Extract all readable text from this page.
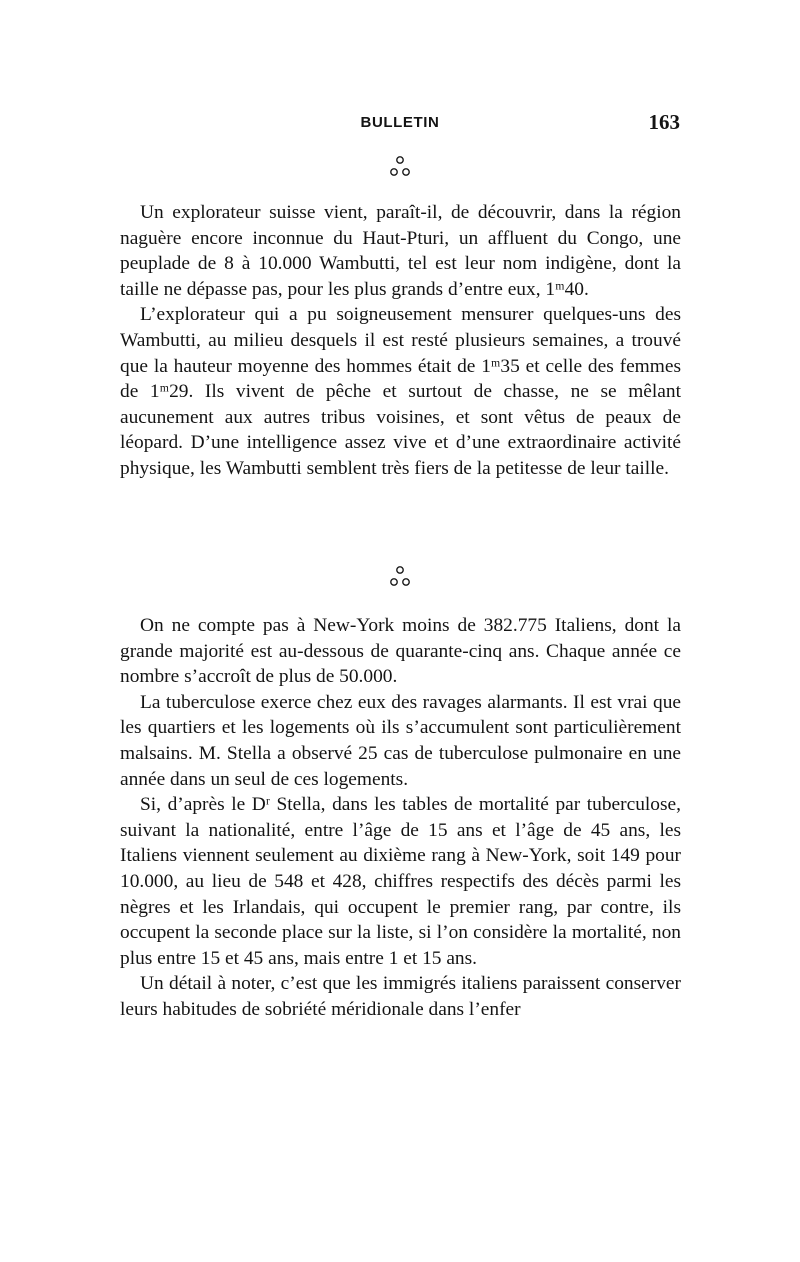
BULLETIN	163

Un explorateur suisse vient, paraît-il, de découvrir, dans la région naguère encore inconnue du Haut-Pturi, un affluent du Congo, une peuplade de 8 à 10.000 Wambutti, tel est leur nom indigène, dont la taille ne dépasse pas, pour les plus grands d’entre eux, 1ᵐ40.

L’explorateur qui a pu soigneusement mensurer quelques-uns des Wambutti, au milieu desquels il est resté plusieurs semaines, a trouvé que la hauteur moyenne des hommes était de 1ᵐ35 et celle des femmes de 1ᵐ29. Ils vivent de pêche et surtout de chasse, ne se mêlant aucunement aux autres tribus voisines, et sont vêtus de peaux de léopard. D’une intelligence assez vive et d’une extraordinaire activité physique, les Wambutti semblent très fiers de la petitesse de leur taille.

On ne compte pas à New-York moins de 382.775 Italiens, dont la grande majorité est au-dessous de quarante-cinq ans. Chaque année ce nombre s’accroît de plus de 50.000.

La tuberculose exerce chez eux des ravages alarmants. Il est vrai que les quartiers et les logements où ils s’accumulent sont particulièrement malsains. M. Stella a observé 25 cas de tuberculose pulmonaire en une année dans un seul de ces logements.

Si, d’après le Dʳ Stella, dans les tables de mortalité par tuberculose, suivant la nationalité, entre l’âge de 15 ans et l’âge de 45 ans, les Italiens viennent seulement au dixième rang à New-York, soit 149 pour 10.000, au lieu de 548 et 428, chiffres respectifs des décès parmi les nègres et les Irlandais, qui occupent le premier rang, par contre, ils occupent la seconde place sur la liste, si l’on considère la mortalité, non plus entre 15 et 45 ans, mais entre 1 et 15 ans.

Un détail à noter, c’est que les immigrés italiens paraissent conserver leurs habitudes de sobriété méridionale dans l’enfer
